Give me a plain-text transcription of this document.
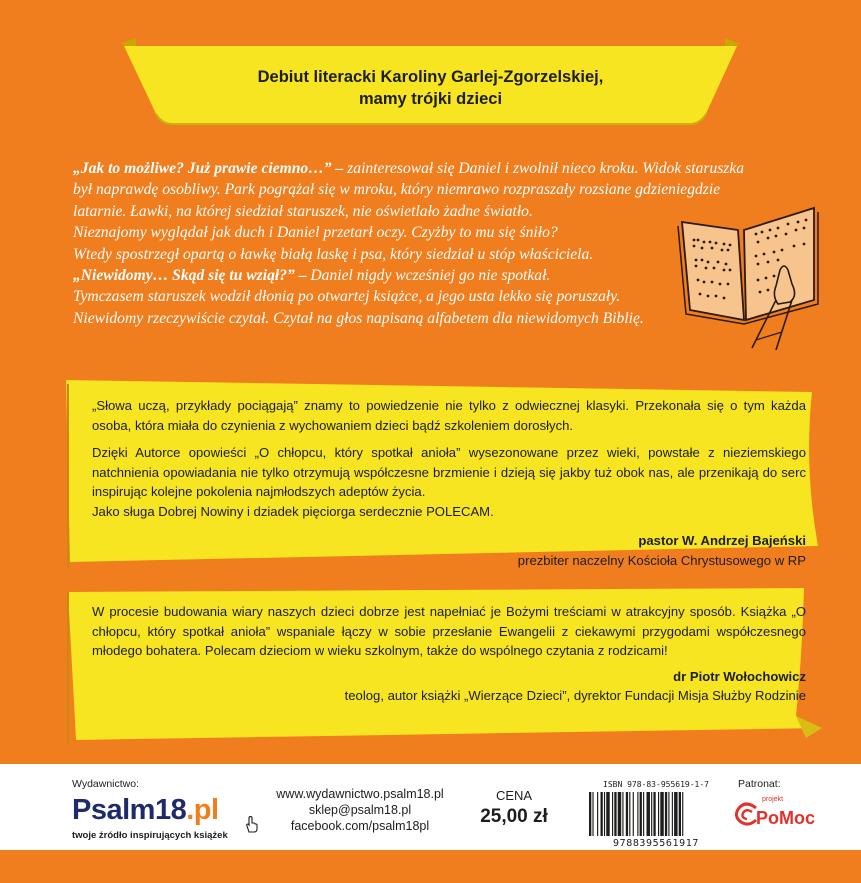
Debiut literacki Karoliny Garlej-Zgorzelskiej,
mamy trójki dzieci

„Jak to możliwe? Już prawie ciemno…” – zainteresował się Daniel i zwolnił nieco kroku. Widok staruszka

był naprawdę osobliwy. Park pogrążał się w mroku, który niemrawo rozpraszały rozsiane gdzieniegdzie

latarnie. Ławki, na której siedział staruszek, nie oświetlało żadne światło.

Nieznajomy wyglądał jak duch i Daniel przetarł oczy. Czyżby to mu się śniło?

Wtedy spostrzegł opartą o ławkę białą laskę i psa, który siedział u stóp właściciela.

„Niewidomy… Skąd się tu wziął?” – Daniel nigdy wcześniej go nie spotkał.

Tymczasem staruszek wodził dłonią po otwartej książce, a jego usta lekko się poruszały.

Niewidomy rzeczywiście czytał. Czytał na głos napisaną alfabetem dla niewidomych Biblię.

„Słowa uczą, przykłady pociągają” znamy to powiedzenie nie tylko z odwiecznej klasyki. Przekonała się o tym każda osoba, która miała do czynienia z wychowaniem dzieci bądź szkoleniem dorosłych.

Dzięki Autorce opowieści „O chłopcu, który spotkał anioła” wysezonowane przez wieki, powstałe z nieziemskiego natchnienia opowiadania nie tylko otrzymują współczesne brzmienie i dzieją się jakby tuż obok nas, ale przenikają do serc inspirując kolejne pokolenia najmłodszych adeptów życia.

Jako sługa Dobrej Nowiny i dziadek pięciorga serdecznie POLECAM.

pastor W. Andrzej Bajeński
prezbiter naczelny Kościoła Chrystusowego w RP

W procesie budowania wiary naszych dzieci dobrze jest napełniać je Bożymi treściami w atrakcyjny sposób. Książka „O chłopcu, który spotkał anioła” wspaniale łączy w sobie przesłanie Ewangelii z ciekawymi przygodami współczesnego młodego bohatera. Polecam dzieciom w wieku szkolnym, także do wspólnego czytania z rodzicami!

dr Piotr Wołochowicz
teolog, autor książki „Wierzące Dzieci”, dyrektor Fundacji Misja Służby Rodzinie
Wydawnictwo:
Psalm18.pl
twoje źródło inspirujących książek
www.wydawnictwo.psalm18.pl
sklep@psalm18.pl
facebook.com/psalm18pl
CENA
25,00 zł
ISBN 978-83-955619-1-7
9788395561917
Patronat:
projekt
PoMoc
